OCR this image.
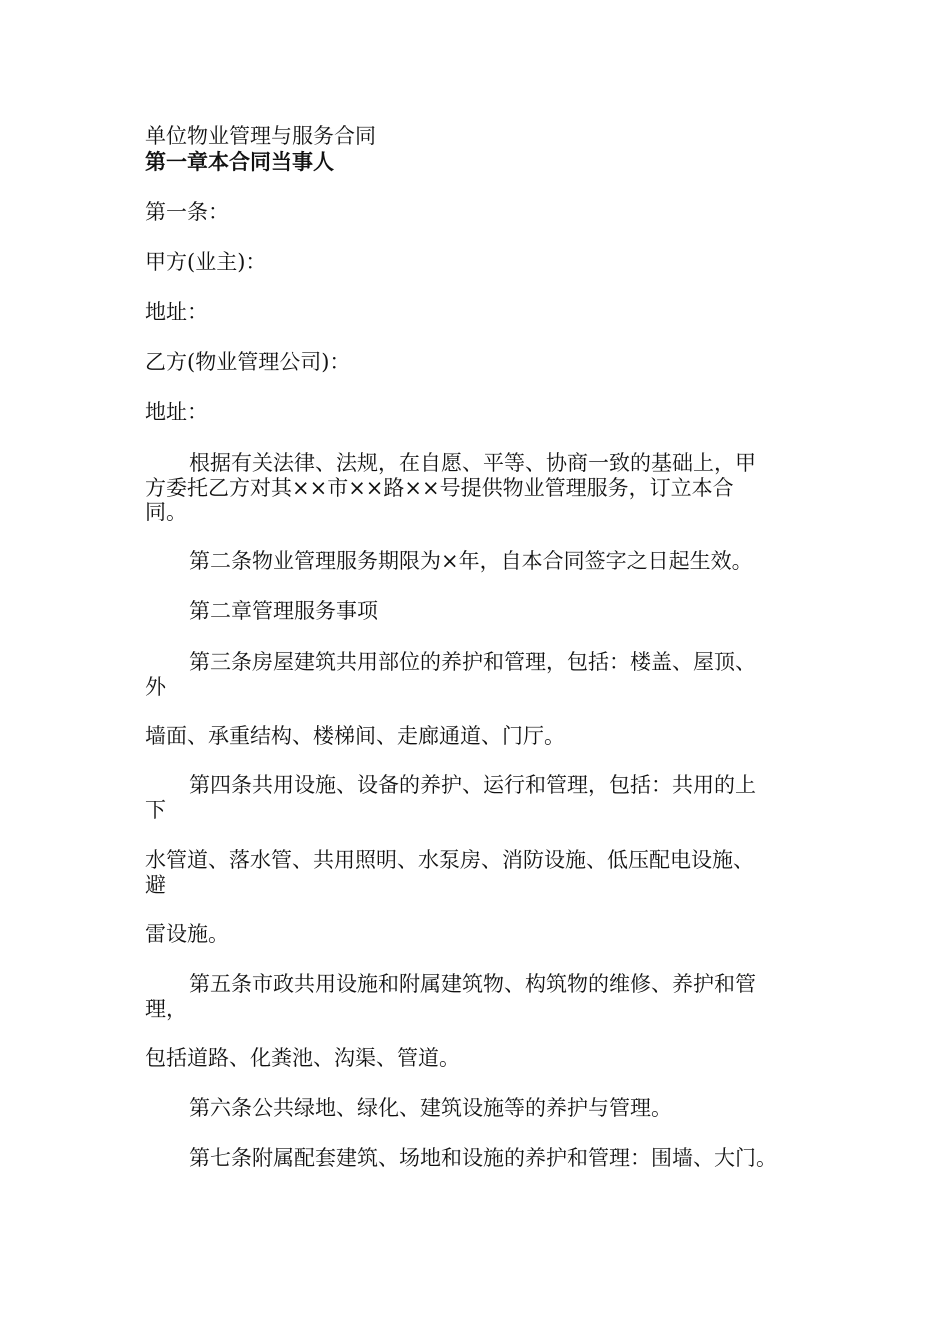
单位物业管理与服务合同
第一章本合同当事人
第一条：
甲方(业主)：
地址：
乙方(物业管理公司)：
地址：
根据有关法律、法规，在自愿、平等、协商一致的基础上，甲
方委托乙方对其××市××路××号提供物业管理服务，订立本合
同。
第二条物业管理服务期限为×年，自本合同签字之日起生效。
第二章管理服务事项
第三条房屋建筑共用部位的养护和管理，包括：楼盖、屋顶、
外
墙面、承重结构、楼梯间、走廊通道、门厅。
第四条共用设施、设备的养护、运行和管理，包括：共用的上
下
水管道、落水管、共用照明、水泵房、消防设施、低压配电设施、
避
雷设施。
第五条市政共用设施和附属建筑物、构筑物的维修、养护和管
理，
包括道路、化粪池、沟渠、管道。
第六条公共绿地、绿化、建筑设施等的养护与管理。
第七条附属配套建筑、场地和设施的养护和管理：围墙、大门。
